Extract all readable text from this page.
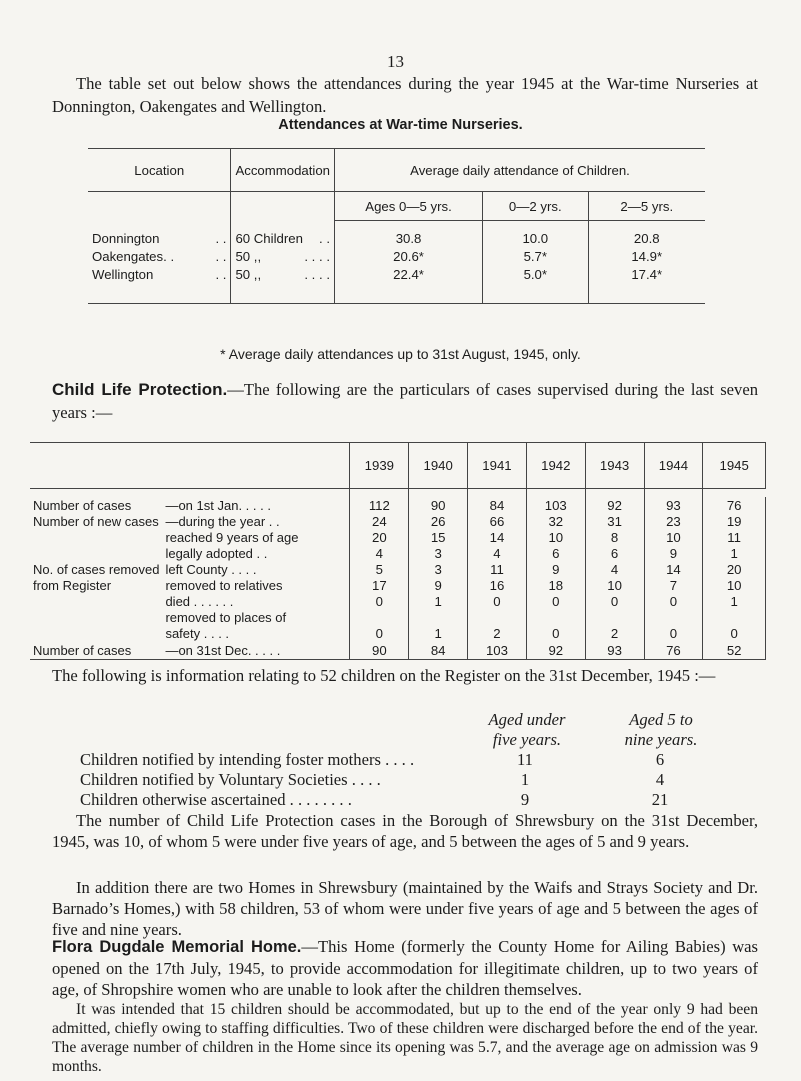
13
The table set out below shows the attendances during the year 1945 at the War-time Nurseries at Donnington, Oakengates and Wellington.
Attendances at War-time Nurseries.
Location	Accommodation	Average daily attendance of Children.		
		Ages 0—5 yrs.	0—2 yrs.	2—5 yrs.

Donnington . .	60 Children . .	30.8	10.0	20.8
Oakengates. . . .	50 ,, . . . .	20.6*	5.7*	14.9*
Wellington . .	50 ,, . . . .	22.4*	5.0*	17.4*

* Average daily attendances up to 31st August, 1945, only.
Child Life Protection.—The following are the particulars of cases supervised during the last seven years :—
		1939	1940	1941	1942	1943	1944	1945

Number of cases	—on 1st Jan. . . . .	112	90	84	103	92	93	76
Number of new cases	—during the year . .	24	26	66	32	31	23	19
	reached 9 years of age	20	15	14	10	8	10	11
	legally adopted . .	4	3	4	6	6	9	1
No. of cases removed	left County . . . .	5	3	11	9	4	14	20
from Register	removed to relatives	17	9	16	18	10	7	10
	died . . . . . .	0	1	0	0	0	0	1
	removed to places of							
	safety . . . .	0	1	2	0	2	0	0
Number of cases	—on 31st Dec. . . . .	90	84	103	92	93	76	52
The following is information relating to 52 children on the Register on the 31st December, 1945 :—
Aged under	Aged 5 to
five years.	nine years.
Children notified by intending foster mothers . . . .	11	6
Children notified by Voluntary Societies . . . .	1	4
Children otherwise ascertained . . . . . . . .	9	21
The number of Child Life Protection cases in the Borough of Shrewsbury on the 31st December, 1945, was 10, of whom 5 were under five years of age, and 5 between the ages of 5 and 9 years.
In addition there are two Homes in Shrewsbury (maintained by the Waifs and Strays Society and Dr. Barnado’s Homes,) with 58 children, 53 of whom were under five years of age and 5 between the ages of five and nine years.
Flora Dugdale Memorial Home.—This Home (formerly the County Home for Ailing Babies) was opened on the 17th July, 1945, to provide accommodation for illegitimate children, up to two years of age, of Shropshire women who are unable to look after the children themselves.
It was intended that 15 children should be accommodated, but up to the end of the year only 9 had been admitted, chiefly owing to staffing difficulties. Two of these children were discharged before the end of the year. The average number of children in the Home since its opening was 5.7, and the average age on admission was 9 months.
